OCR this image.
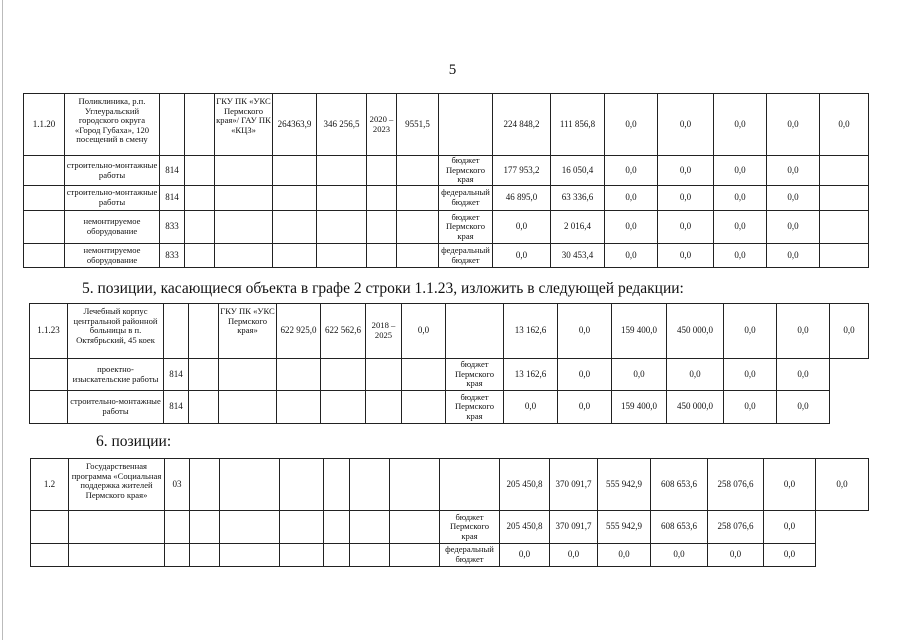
5
1.1.20	Поликлиника, р.п. Углеуральский городского округа «Город Губаха», 120 посещений в смену			ГКУ ПК «УКС Пермского края»/ ГАУ ПК «КЦЗ»	264363,9	346 256,5	2020 – 2023	9551,5		224 848,2	111 856,8	0,0	0,0	0,0	0,0	0,0
	строительно-монтажные работы	814							бюджет Пермского края	177 953,2	16 050,4	0,0	0,0	0,0	0,0	
	строительно-монтажные работы	814							федеральный бюджет	46 895,0	63 336,6	0,0	0,0	0,0	0,0	
	немонтируемое оборудование	833							бюджет Пермского края	0,0	2 016,4	0,0	0,0	0,0	0,0	
	немонтируемое оборудование	833							федеральный бюджет	0,0	30 453,4	0,0	0,0	0,0	0,0	
5. позиции, касающиеся объекта в графе 2 строки 1.1.23, изложить в следующей редакции:
1.1.23	Лечебный корпус центральной районной больницы в п. Октябрьский, 45 коек			ГКУ ПК «УКС Пермского края»	622 925,0	622 562,6	2018 – 2025	0,0		13 162,6	0,0	159 400,0	450 000,0	0,0	0,0	0,0
	проектно-изыскательские работы	814							бюджет Пермского края	13 162,6	0,0	0,0	0,0	0,0	0,0	
	строительно-монтажные работы	814							бюджет Пермского края	0,0	0,0	159 400,0	450 000,0	0,0	0,0	
6. позиции:
1.2	Государственная программа «Социальная поддержка жителей Пермского края»	03								205 450,8	370 091,7	555 942,9	608 653,6	258 076,6	0,0	0,0
									бюджет Пермского края	205 450,8	370 091,7	555 942,9	608 653,6	258 076,6	0,0	
									федеральный бюджет	0,0	0,0	0,0	0,0	0,0	0,0	
